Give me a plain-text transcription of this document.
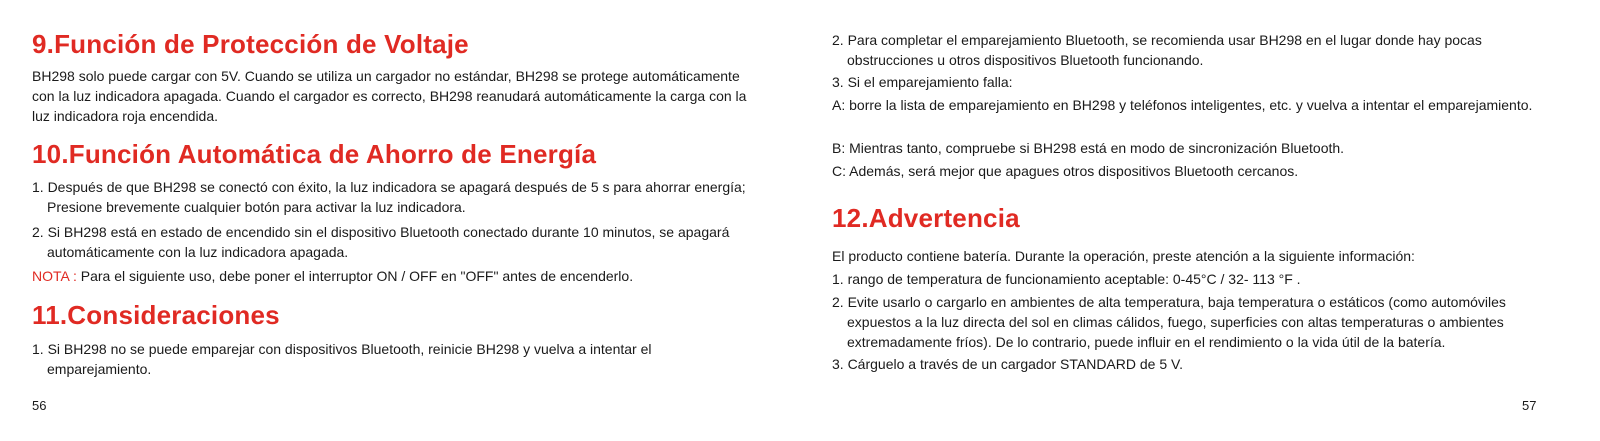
9.Función de Protección de Voltaje

BH298 solo puede cargar con 5V. Cuando se utiliza un cargador no estándar, BH298 se protege automáticamente con la luz indicadora apagada. Cuando el cargador es correcto, BH298 reanudará automáticamente la carga con la luz indicadora roja encendida.

10.Función Automática de Ahorro de Energía

1. Después de que BH298 se conectó con éxito, la luz indicadora se apagará después de 5 s para ahorrar energía; Presione brevemente cualquier botón para activar la luz indicadora.

2. Si BH298 está en estado de encendido sin el dispositivo Bluetooth conectado durante 10 minutos, se apagará automáticamente con la luz indicadora apagada.

NOTA : Para el siguiente uso, debe poner el interruptor ON / OFF en "OFF" antes de encenderlo.

11.Consideraciones

1. Si BH298 no se puede emparejar con dispositivos Bluetooth, reinicie BH298 y vuelva a intentar el emparejamiento.

56

2. Para completar el emparejamiento Bluetooth, se recomienda usar BH298 en el lugar donde hay pocas obstrucciones u otros dispositivos Bluetooth funcionando.

3. Si el emparejamiento falla:

A: borre la lista de emparejamiento en BH298 y teléfonos inteligentes, etc. y vuelva a intentar el emparejamiento.

B: Mientras tanto, compruebe si BH298 está en modo de sincronización Bluetooth.

C: Además, será mejor que apagues otros dispositivos Bluetooth cercanos.

12.Advertencia

El producto contiene batería. Durante la operación, preste atención a la siguiente información:

1. rango de temperatura de funcionamiento aceptable: 0-45°C / 32- 113 °F .

2. Evite usarlo o cargarlo en ambientes de alta temperatura, baja temperatura o estáticos (como automóviles expuestos a la luz directa del sol en climas cálidos, fuego, superficies con altas temperaturas o ambientes extremadamente fríos). De lo contrario, puede influir en el rendimiento o la vida útil de la batería.

3. Cárguelo a través de un cargador STANDARD de 5 V.

57
